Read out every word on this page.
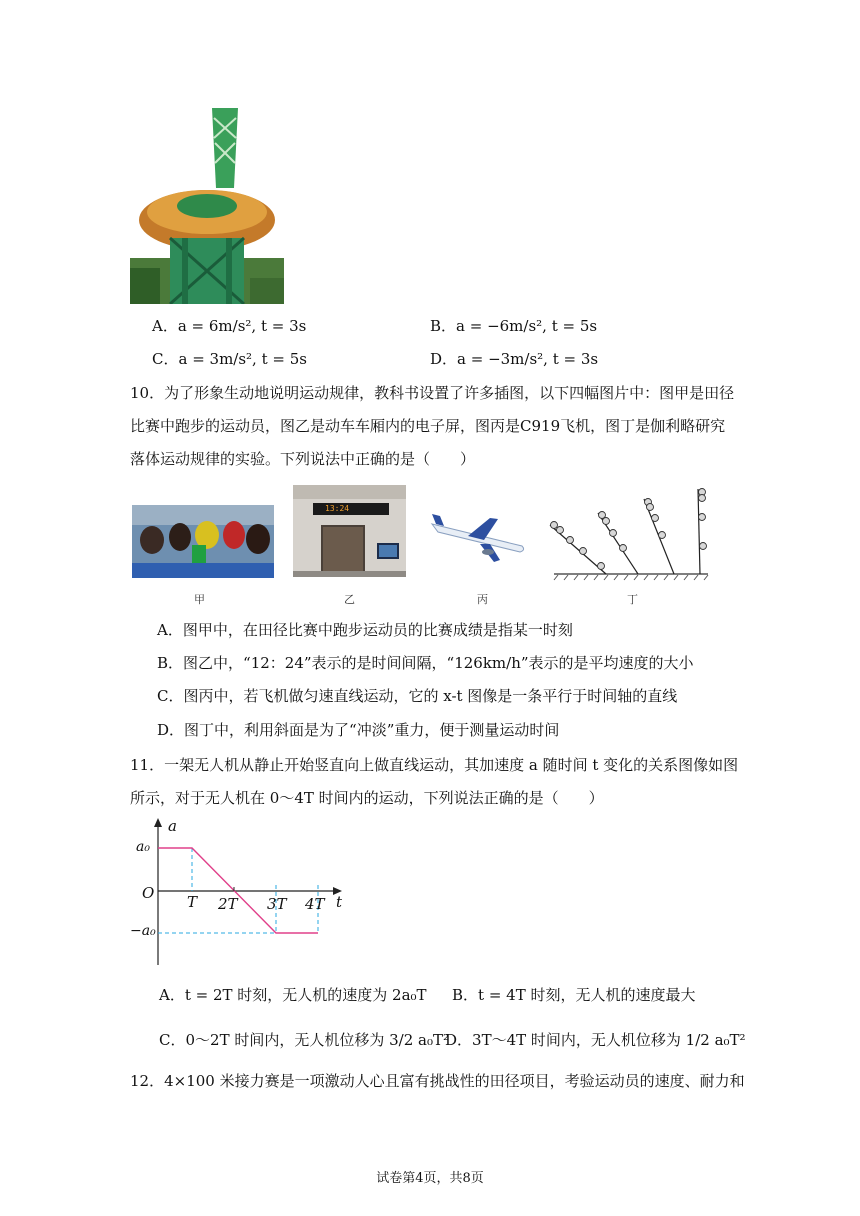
A．a = 6m/s², t = 3s	B．a = −6m/s², t = 5s
C．a = 3m/s², t = 5s	D．a = −3m/s², t = 3s
10．为了形象生动地说明运动规律，教科书设置了许多插图，以下四幅图片中：图甲是田径
比赛中跑步的运动员，图乙是动车车厢内的电子屏，图丙是C919飞机，图丁是伽利略研究
落体运动规律的实验。下列说法中正确的是（　　）
13:24
甲	乙	丙	丁
A．图甲中，在田径比赛中跑步运动员的比赛成绩是指某一时刻
B．图乙中，“12：24”表示的是时间间隔，“126km/h”表示的是平均速度的大小
C．图丙中，若飞机做匀速直线运动，它的 x-t 图像是一条平行于时间轴的直线
D．图丁中，利用斜面是为了“冲淡”重力，便于测量运动时间
11．一架无人机从静止开始竖直向上做直线运动，其加速度 a 随时间 t 变化的关系图像如图
所示，对于无人机在 0～4T 时间内的运动，下列说法正确的是（　　）
a
t
O
a₀
−a₀
T 2T 3T 4T
A．t = 2T 时刻，无人机的速度为 2a₀T B．t = 4T 时刻，无人机的速度最大
C．0～2T 时间内，无人机位移为 3/2 a₀T²
D．3T～4T 时间内，无人机位移为 1/2 a₀T²
12．4×100 米接力赛是一项激动人心且富有挑战性的田径项目，考验运动员的速度、耐力和
试卷第4页，共8页
